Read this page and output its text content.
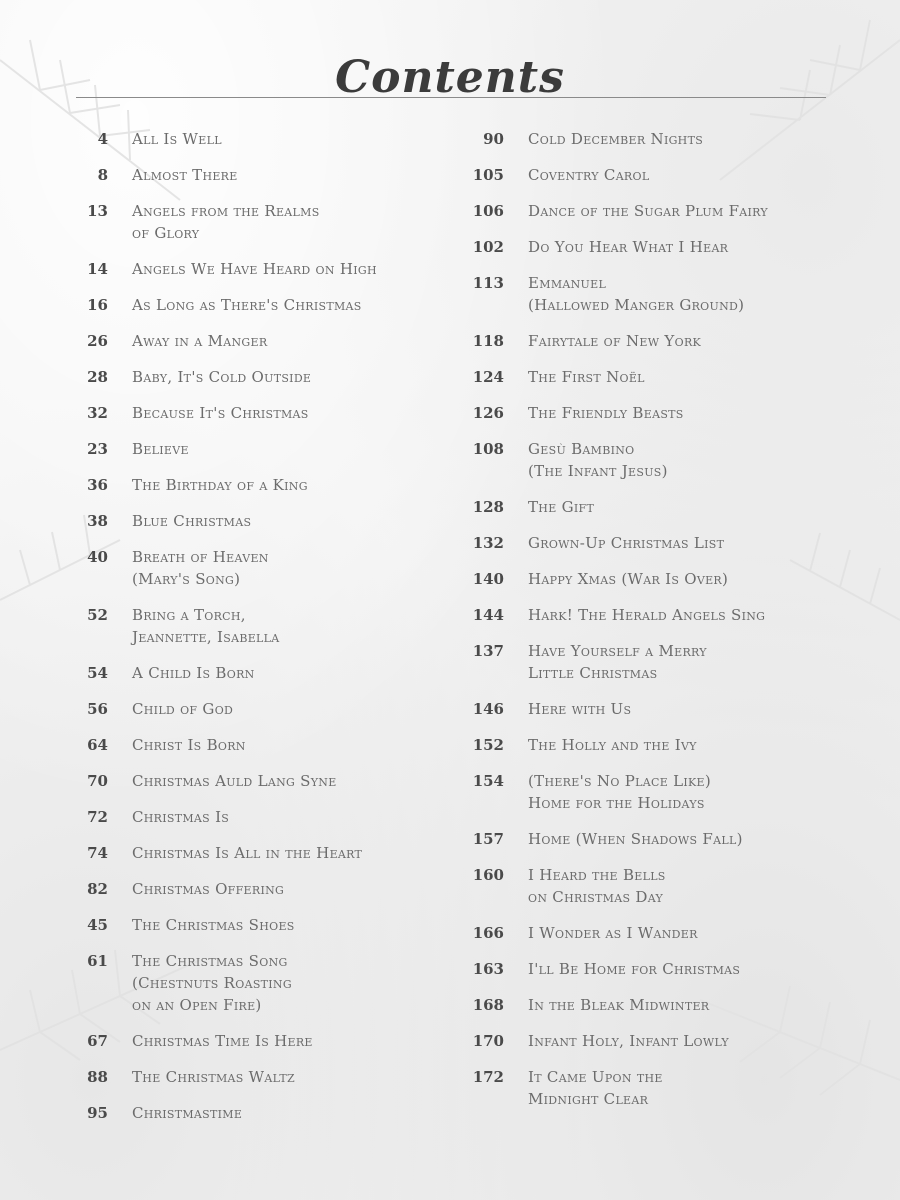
Contents
4	All Is Well
8	Almost There
13	Angels from the Realms
of Glory
14	Angels We Have Heard on High
16	As Long as There's Christmas
26	Away in a Manger
28	Baby, It's Cold Outside
32	Because It's Christmas
23	Believe
36	The Birthday of a King
38	Blue Christmas
40	Breath of Heaven
(Mary's Song)
52	Bring a Torch,
Jeannette, Isabella
54	A Child Is Born
56	Child of God
64	Christ Is Born
70	Christmas Auld Lang Syne
72	Christmas Is
74	Christmas Is All in the Heart
82	Christmas Offering
45	The Christmas Shoes
61	The Christmas Song
(Chestnuts Roasting
on an Open Fire)
67	Christmas Time Is Here
88	The Christmas Waltz
95	Christmastime
90	Cold December Nights
105	Coventry Carol
106	Dance of the Sugar Plum Fairy
102	Do You Hear What I Hear
113	Emmanuel
(Hallowed Manger Ground)
118	Fairytale of New York
124	The First Noël
126	The Friendly Beasts
108	Gesù Bambino
(The Infant Jesus)
128	The Gift
132	Grown-Up Christmas List
140	Happy Xmas (War Is Over)
144	Hark! The Herald Angels Sing
137	Have Yourself a Merry
Little Christmas
146	Here with Us
152	The Holly and the Ivy
154	(There's No Place Like)
Home for the Holidays
157	Home (When Shadows Fall)
160	I Heard the Bells
on Christmas Day
166	I Wonder as I Wander
163	I'll Be Home for Christmas
168	In the Bleak Midwinter
170	Infant Holy, Infant Lowly
172	It Came Upon the
Midnight Clear
